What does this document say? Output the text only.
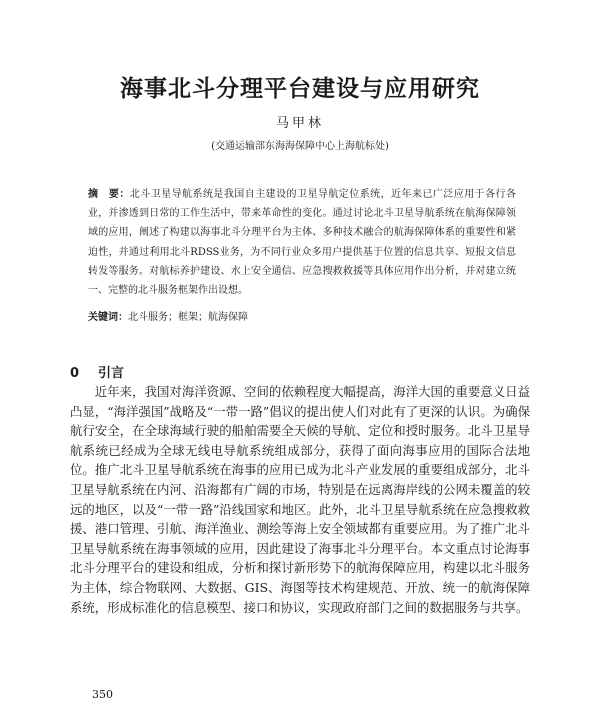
海事北斗分理平台建设与应用研究
马甲林
(交通运输部东海海保障中心上海航标处)
摘　要：北斗卫星导航系统是我国自主建设的卫星导航定位系统，近年来已广泛应用于各行各业，并渗透到日常的工作生活中，带来革命性的变化。通过讨论北斗卫星导航系统在航海保障领域的应用，阐述了构建以海事北斗分理平台为主体、多种技术融合的航海保障体系的重要性和紧迫性，并通过利用北斗RDSS业务，为不同行业众多用户提供基于位置的信息共享、短报文信息转发等服务。对航标养护建设、水上安全通信、应急搜救救援等具体应用作出分析，并对建立统一、完整的北斗服务框架作出设想。
关键词：北斗服务；框架；航海保障
0 引言
近年来，我国对海洋资源、空间的依赖程度大幅提高，海洋大国的重要意义日益凸显，“海洋强国”战略及“一带一路”倡议的提出使人们对此有了更深的认识。为确保航行安全，在全球海域行驶的船舶需要全天候的导航、定位和授时服务。北斗卫星导航系统已经成为全球无线电导航系统组成部分，获得了面向海事应用的国际合法地位。推广北斗卫星导航系统在海事的应用已成为北斗产业发展的重要组成部分，北斗卫星导航系统在内河、沿海都有广阔的市场，特别是在远离海岸线的公网未覆盖的较远的地区，以及“一带一路”沿线国家和地区。此外，北斗卫星导航系统在应急搜救救援、港口管理、引航、海洋渔业、测绘等海上安全领域都有重要应用。为了推广北斗卫星导航系统在海事领域的应用，因此建设了海事北斗分理平台。本文重点讨论海事北斗分理平台的建设和组成，分析和探讨新形势下的航海保障应用，构建以北斗服务为主体，综合物联网、大数据、GIS、海图等技术构建规范、开放、统一的航海保障系统，形成标准化的信息模型、接口和协议，实现政府部门之间的数据服务与共享。
350
